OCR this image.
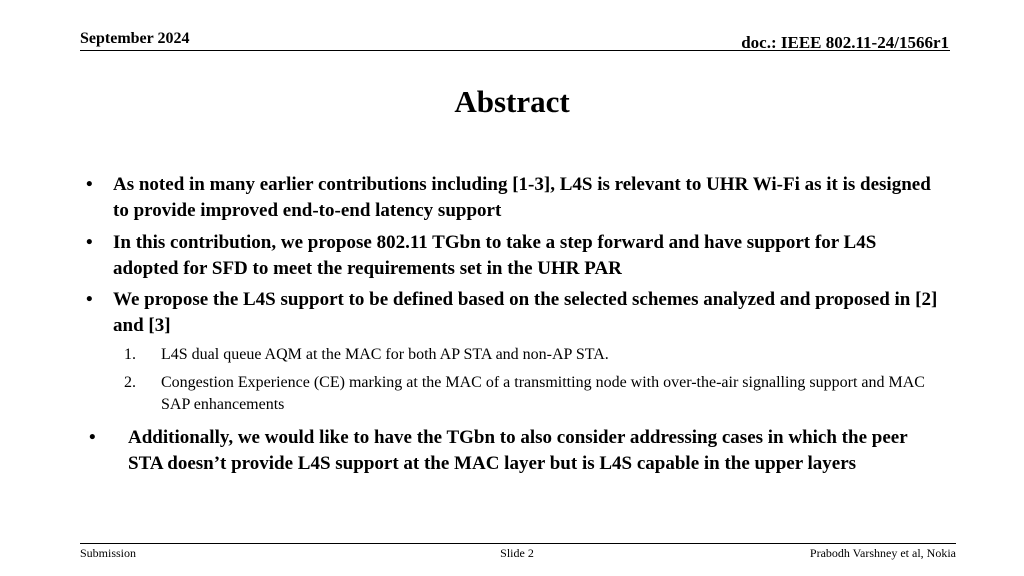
September 2024	doc.: IEEE 802.11-24/1566r1
Abstract
• As noted in many earlier contributions including [1-3], L4S is relevant to UHR Wi-Fi as it is designed to provide improved end-to-end latency support
• In this contribution, we propose 802.11 TGbn to take a step forward and have support for L4S adopted for SFD to meet the requirements set in the UHR PAR
• We propose the L4S support to be defined based on the selected schemes analyzed and proposed in [2] and [3]
1. L4S dual queue AQM at the MAC for both AP STA and non-AP STA.
2. Congestion Experience (CE) marking at the MAC of a transmitting node with over-the-air signalling support and MAC SAP enhancements
• Additionally, we would like to have the TGbn to also consider addressing cases in which the peer STA doesn’t provide L4S support at the MAC layer but is L4S capable in the upper layers
Submission	Slide 2	Prabodh Varshney et al, Nokia
